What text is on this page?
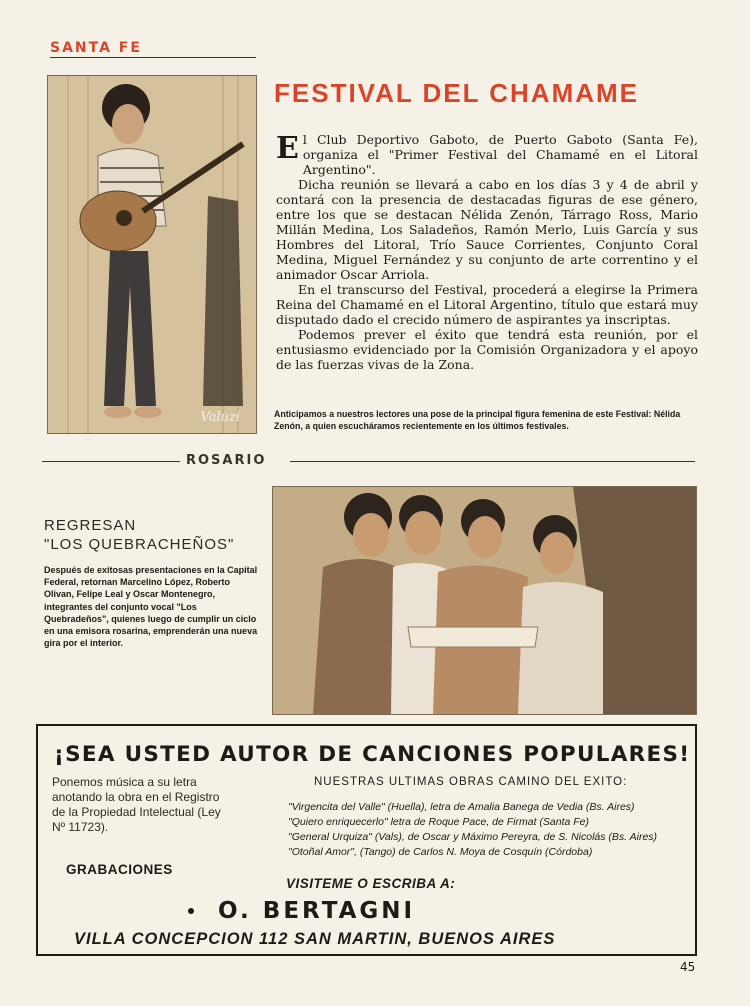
SANTA FE
Valuzi
FESTIVAL DEL CHAMAME

El Club Deportivo Gaboto, de Puerto Gaboto (Santa Fe), organiza el "Primer Festival del Chamamé en el Litoral Argentino".

Dicha reunión se llevará a cabo en los días 3 y 4 de abril y contará con la presencia de destacadas figuras de ese género, entre los que se destacan Nélida Zenón, Tárrago Ross, Mario Millán Medina, Los Saladeños, Ramón Merlo, Luis García y sus Hombres del Litoral, Trío Sauce Corrientes, Conjunto Coral Medina, Miguel Fernández y su conjunto de arte correntino y el animador Oscar Arriola.

En el transcurso del Festival, procederá a elegirse la Primera Reina del Chamamé en el Litoral Argentino, título que estará muy disputado dado el crecido número de aspirantes ya inscriptas.

Podemos prever el éxito que tendrá esta reunión, por el entusiasmo evidenciado por la Comisión Organizadora y el apoyo de las fuerzas vivas de la Zona.

Anticipamos a nuestros lectores una pose de la principal figura femenina de este Festival: Nélida Zenón, a quien escucháramos recientemente en los últimos festivales.
ROSARIO
REGRESAN
"LOS QUEBRACHEÑOS"
Después de exitosas presentaciones en la Capital Federal, retornan Marcelino López, Roberto Olivan, Felipe Leal y Oscar Montenegro, integrantes del conjunto vocal "Los Quebradeños", quienes luego de cumplir un ciclo en una emisora rosarina, emprenderán una nueva gira por el interior.
¡SEA USTED AUTOR DE CANCIONES POPULARES!
Ponemos música a su letra anotando la obra en el Registro de la Propiedad Intelectual (Ley Nº 11723).
GRABACIONES
NUESTRAS ULTIMAS OBRAS CAMINO DEL EXITO:
"Virgencita del Valle" (Huella), letra de Amalia Banega de Vedia (Bs. Aires)
"Quiero enriquecerlo" letra de Roque Pace, de Firmat (Santa Fe)
"General Urquiza" (Vals), de Oscar y Máximo Pereyra, de S. Nicolás (Bs. Aires)
"Otoñal Amor", (Tango) de Carlos N. Moya de Cosquín (Córdoba)
VISITEME O ESCRIBA A:
O. BERTAGNI
VILLA CONCEPCION 112 SAN MARTIN, BUENOS AIRES
45
